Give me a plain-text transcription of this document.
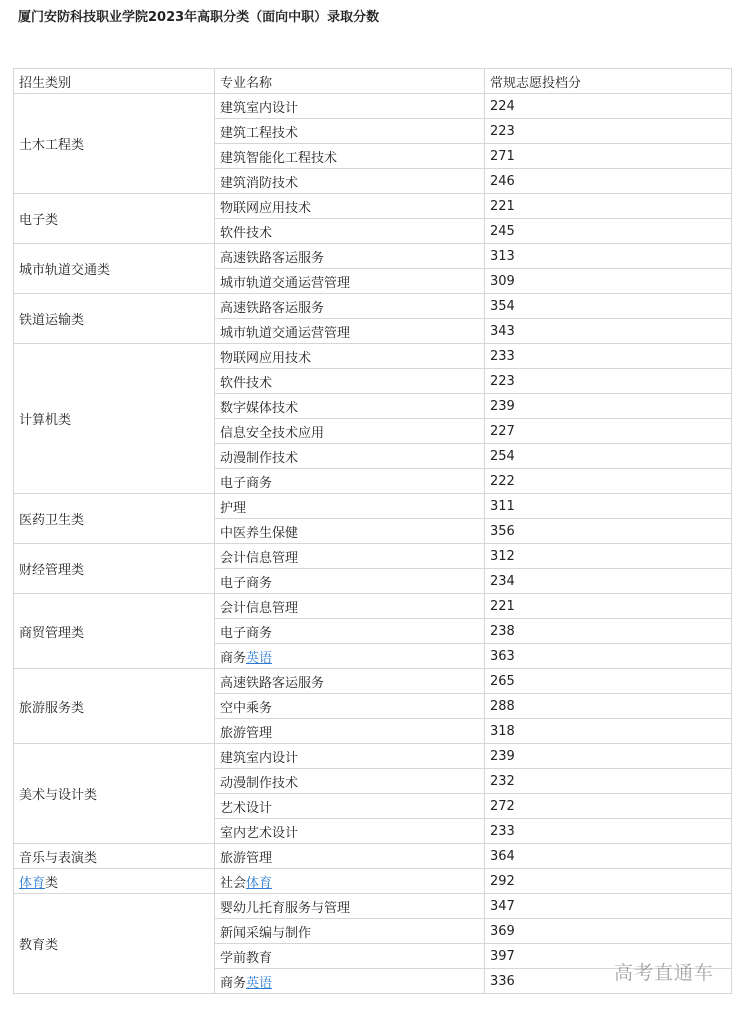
厦门安防科技职业学院2023年高职分类（面向中职）录取分数
招生类别	专业名称	常规志愿投档分
土木工程类	建筑室内设计	224
	建筑工程技术	223
	建筑智能化工程技术	271
	建筑消防技术	246
电子类	物联网应用技术	221
	软件技术	245
城市轨道交通类	高速铁路客运服务	313
	城市轨道交通运营管理	309
铁道运输类	高速铁路客运服务	354
	城市轨道交通运营管理	343
计算机类	物联网应用技术	233
	软件技术	223
	数字媒体技术	239
	信息安全技术应用	227
	动漫制作技术	254
	电子商务	222
医药卫生类	护理	311
	中医养生保健	356
财经管理类	会计信息管理	312
	电子商务	234
商贸管理类	会计信息管理	221
	电子商务	238
	商务英语	363
旅游服务类	高速铁路客运服务	265
	空中乘务	288
	旅游管理	318
美术与设计类	建筑室内设计	239
	动漫制作技术	232
	艺术设计	272
	室内艺术设计	233
音乐与表演类	旅游管理	364
体育类	社会体育	292
教育类	婴幼儿托育服务与管理	347
	新闻采编与制作	369
	学前教育	397
	商务英语	336	高考直通车
